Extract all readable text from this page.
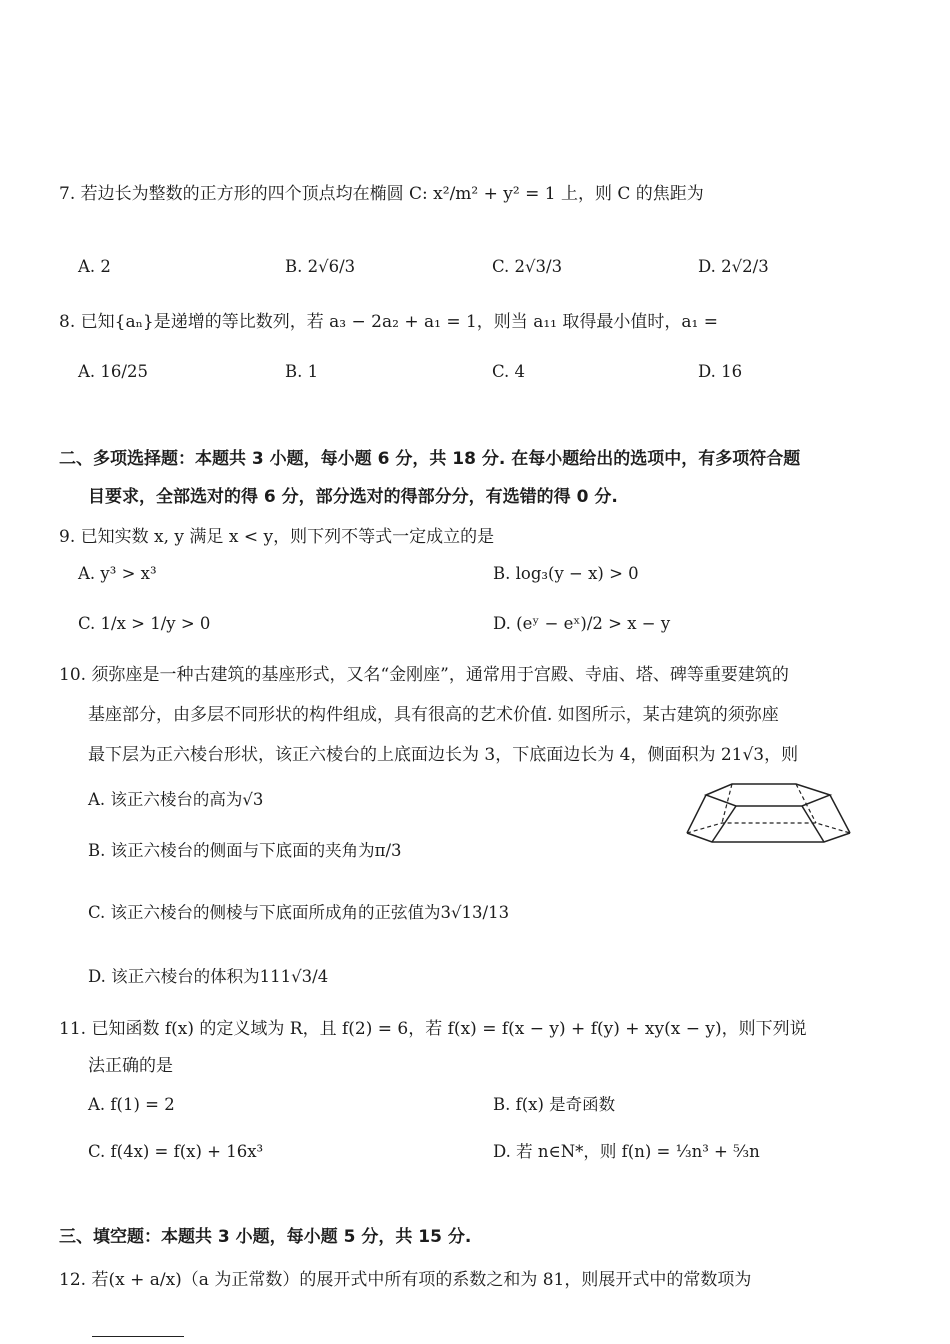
7. 若边长为整数的正方形的四个顶点均在椭圆 C: x²/m² + y² = 1 上，则 C 的焦距为
A. 2	B. 2√6/3	C. 2√3/3	D. 2√2/3
8. 已知{aₙ}是递增的等比数列，若 a₃ − 2a₂ + a₁ = 1，则当 a₁₁ 取得最小值时，a₁ =
A. 16/25	B. 1	C. 4	D. 16
二、多项选择题：本题共 3 小题，每小题 6 分，共 18 分. 在每小题给出的选项中，有多项符合题
目要求，全部选对的得 6 分，部分选对的得部分分，有选错的得 0 分.
9. 已知实数 x, y 满足 x < y，则下列不等式一定成立的是
A. y³ > x³	B. log₃(y − x) > 0
C. 1/x > 1/y > 0	D. (eʸ − eˣ)/2 > x − y
10. 须弥座是一种古建筑的基座形式，又名“金刚座”，通常用于宫殿、寺庙、塔、碑等重要建筑的
基座部分，由多层不同形状的构件组成，具有很高的艺术价值. 如图所示，某古建筑的须弥座
最下层为正六棱台形状，该正六棱台的上底面边长为 3，下底面边长为 4，侧面积为 21√3，则
A. 该正六棱台的高为√3
B. 该正六棱台的侧面与下底面的夹角为π/3
C. 该正六棱台的侧棱与下底面所成角的正弦值为3√13/13
D. 该正六棱台的体积为111√3/4
11. 已知函数 f(x) 的定义域为 R，且 f(2) = 6，若 f(x) = f(x − y) + f(y) + xy(x − y)，则下列说
法正确的是
A. f(1) = 2	B. f(x) 是奇函数
C. f(4x) = f(x) + 16x³	D. 若 n∈N*，则 f(n) = ⅓n³ + ⁵⁄₃n
三、填空题：本题共 3 小题，每小题 5 分，共 15 分.
12. 若(x + a/x)（a 为正常数）的展开式中所有项的系数之和为 81，则展开式中的常数项为
